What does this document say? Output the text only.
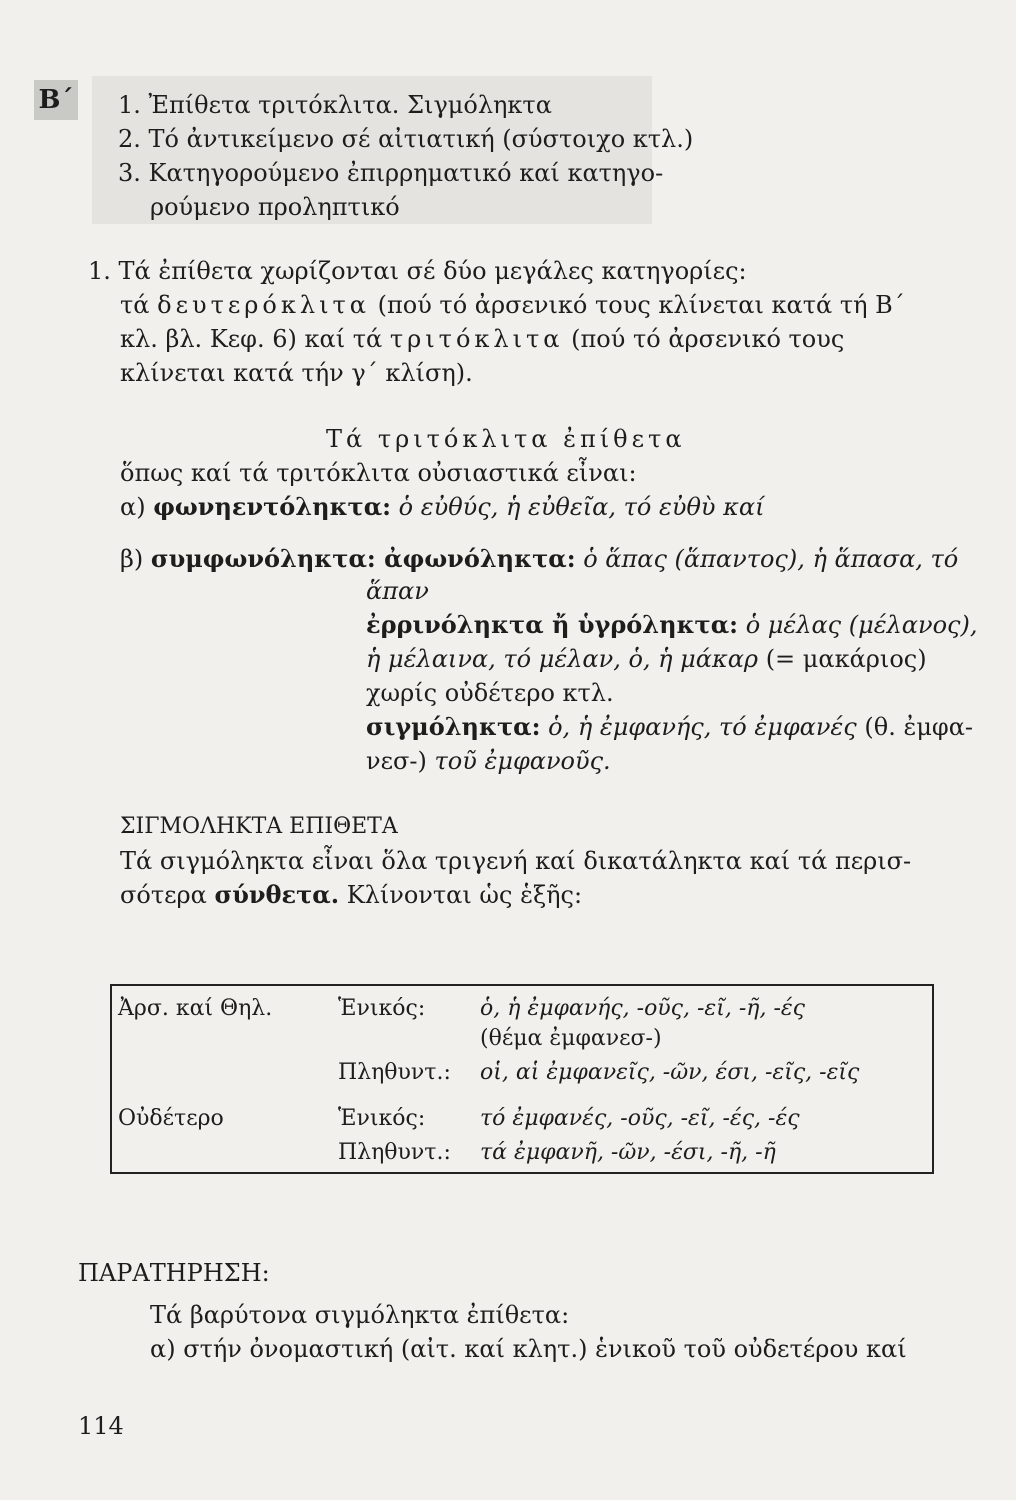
Β΄ 1. Ἐπίθετα τριτόκλιτα. Σιγμόληκτα
2. Τό ἀντικείμενο σέ αἰτιατική (σύστοιχο κτλ.)
3. Κατηγορούμενο ἐπιρρηματικό καί κατηγο-
ρούμενο προληπτικό
1. Τά ἐπίθετα χωρίζονται σέ δύο μεγάλες κατηγορίες:
τά δευτερόκλιτα (πού τό ἀρσενικό τους κλίνεται κατά τή Β΄
κλ. βλ. Κεφ. 6) καί τά τριτόκλιτα (πού τό ἀρσενικό τους
κλίνεται κατά τήν γ΄ κλίση).
Τά τριτόκλιτα ἐπίθετα
ὅπως καί τά τριτόκλιτα οὐσιαστικά εἶναι:
α) φωνηεντόληκτα: ὁ εὐθύς, ἡ εὐθεῖα, τό εὐθὺ καί
β) συμφωνόληκτα: ἀφωνόληκτα: ὁ ἅπας (ἅπαντος), ἡ ἅπασα, τό
ἅπαν
ἐρρινόληκτα ἤ ὑγρόληκτα: ὁ μέλας (μέλανος),
ἡ μέλαινα, τό μέλαν, ὁ, ἡ μάκαρ (= μακάριος)
χωρίς οὐδέτερο κτλ.
σιγμόληκτα: ὁ, ἡ ἐμφανής, τό ἐμφανές (θ. ἐμφα-
νεσ-) τοῦ ἐμφανοῦς.
ΣΙΓΜΟΛΗΚΤΑ ΕΠΙΘΕΤΑ
Τά σιγμόληκτα εἶναι ὅλα τριγενή καί δικατάληκτα καί τά περισ-
σότερα σύνθετα. Κλίνονται ὡς ἑξῆς:
Ἀρσ. καί Θηλ.	Ἑνικός: ὁ, ἡ ἐμφανής, -οῦς, -εῖ, -ῆ, -ές
(θέμα ἐμφανεσ-)
Πληθυντ.: οἱ, αἱ ἐμφανεῖς, -ῶν, έσι, -εῖς, -εῖς
Οὐδέτερο	Ἑνικός: τό ἐμφανές, -οῦς, -εῖ, -ές, -ές
Πληθυντ.: τά ἐμφανῆ, -ῶν, -έσι, -ῆ, -ῆ
ΠΑΡΑΤΗΡΗΣΗ:
Τά βαρύτονα σιγμόληκτα ἐπίθετα:
α) στήν ὀνομαστική (αἰτ. καί κλητ.) ἑνικοῦ τοῦ οὐδετέρου καί
114
